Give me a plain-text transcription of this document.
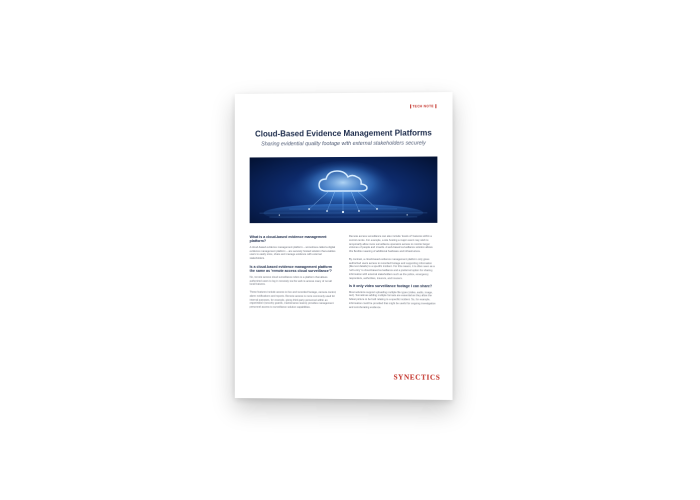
TECH NOTE
Cloud-Based Evidence Management Platforms
Sharing evidential quality footage with external stakeholders securely
What is a cloud-based evidence management platform?
A cloud-based evidence management platform – sometimes called a digital evidence management platform – are securely hosted solution that enables users to easily store, share and manage evidence with external stakeholders.
Is a cloud-based evidence management platform the same as 'remote access cloud surveillance'?
No, remote access cloud surveillance refers to a platform that allows authorized users to log in remotely via the web to access many of not all local features.
These features include access to live and recorded footage, camera control, alarm notifications and reports. Remote access is more commonly used for internal purposes, for example, giving third-party personnel within an organization (security guards, maintenance teams) provides management personnel access to surveillance solution capabilities.
Remote access surveillance can also include 'levels of' features within a control centre. For example, a site hosting a major event may wish to temporarily allow more surveillance operators access to monitor larger volumes of people and crowds. A web-based surveillance solution allows this flexible meaning of additional hardware and infrastructure.
By contrast, a cloud-based evidence management platform only gives authorized users access to recorded footage and supporting information (like text details) to a specific incident. For this reason, it is often seen as a 'soft entry' to cloud-based surveillance and a preferred option for sharing information with external stakeholders such as the police, emergency responders, authorities, insurers, and insurers.
Is it only video surveillance footage I can share?
Most solutions support uploading multiple file types (video, audio, image, text). Sometimes adding multiple formats are essential as they allow the fullest picture to be built relating to a specific incident. So, for example, information could be provided that might be useful for ongoing investigation and corroborating evidence.
SYNECTICS
